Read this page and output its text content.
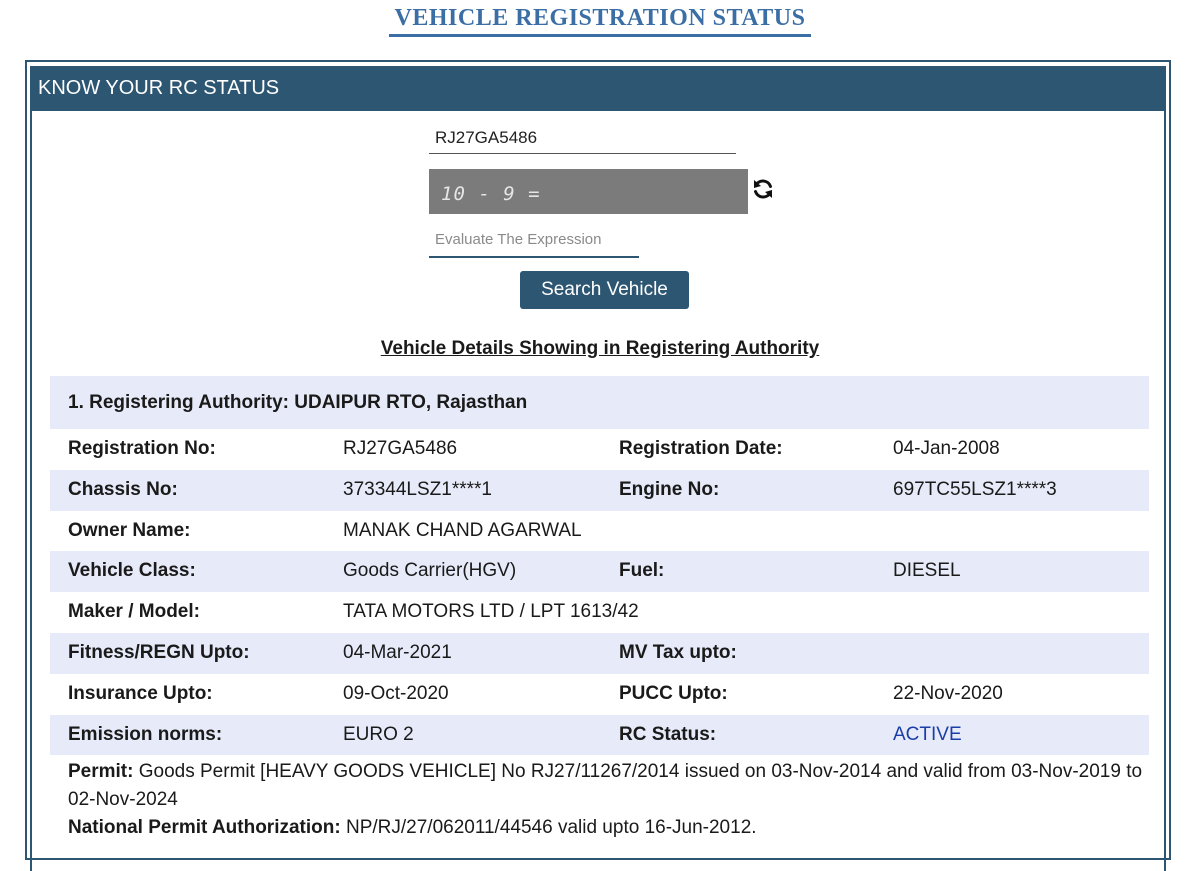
VEHICLE REGISTRATION STATUS
KNOW YOUR RC STATUS
RJ27GA5486
10 - 9 =
Evaluate The Expression
Search Vehicle
Vehicle Details Showing in Registering Authority
1. Registering Authority: UDAIPUR RTO, Rajasthan
Registration No:	RJ27GA5486	Registration Date:	04-Jan-2008
Chassis No:	373344LSZ1****1	Engine No:	697TC55LSZ1****3
Owner Name:	MANAK CHAND AGARWAL
Vehicle Class:	Goods Carrier(HGV)	Fuel:	DIESEL
Maker / Model:	TATA MOTORS LTD / LPT 1613/42
Fitness/REGN Upto:	04-Mar-2021	MV Tax upto:
Insurance Upto:	09-Oct-2020	PUCC Upto:	22-Nov-2020
Emission norms:	EURO 2	RC Status:	ACTIVE
Permit: Goods Permit [HEAVY GOODS VEHICLE] No RJ27/11267/2014 issued on 03-Nov-2014 and valid from 03-Nov-2019 to 02-Nov-2024
National Permit Authorization: NP/RJ/27/062011/44546 valid upto 16-Jun-2012.
